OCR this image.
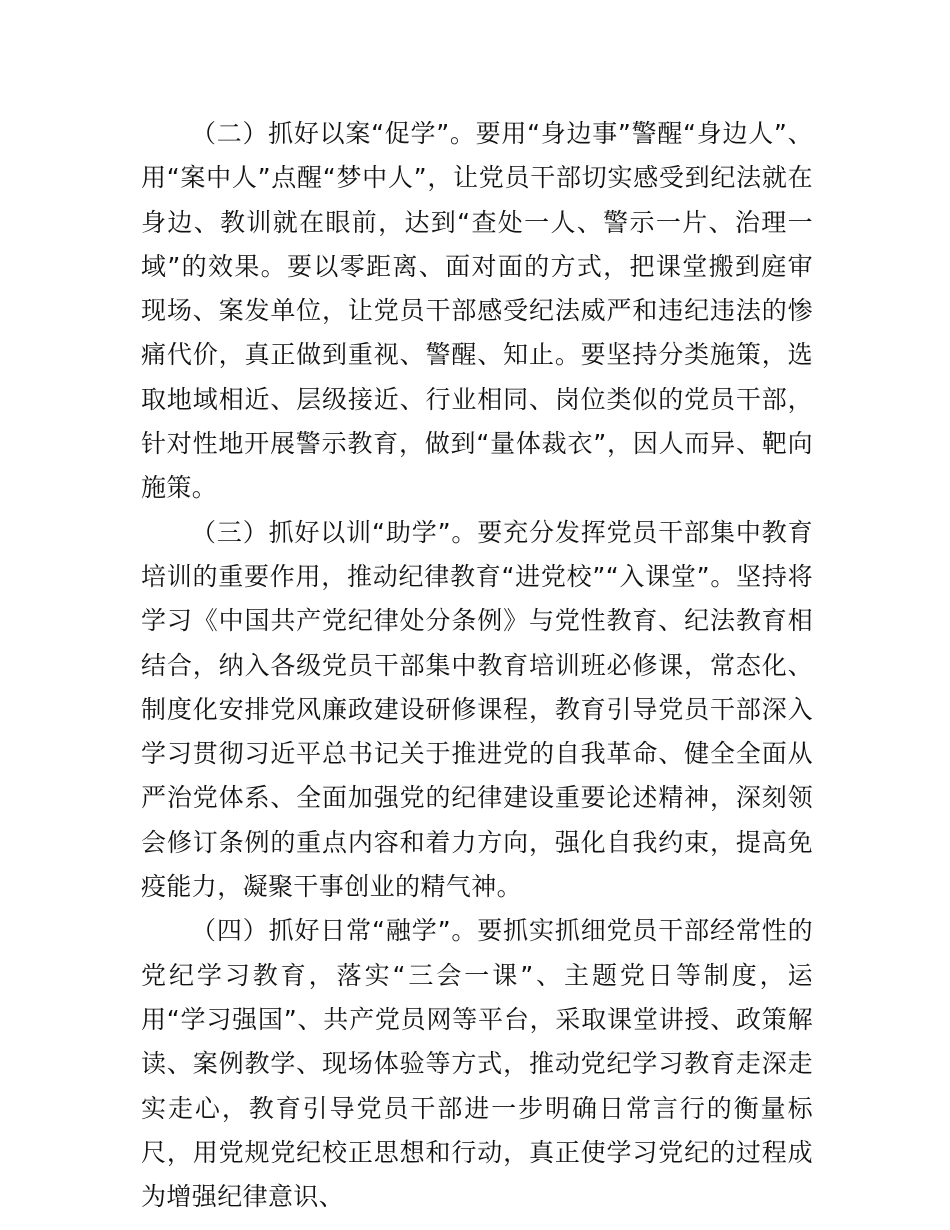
（二）抓好以案“促学”。要用“身边事”警醒“身边人”、用“案中人”点醒“梦中人”，让党员干部切实感受到纪法就在身边、教训就在眼前，达到“查处一人、警示一片、治理一域”的效果。要以零距离、面对面的方式，把课堂搬到庭审现场、案发单位，让党员干部感受纪法威严和违纪违法的惨痛代价，真正做到重视、警醒、知止。要坚持分类施策，选取地域相近、层级接近、行业相同、岗位类似的党员干部，针对性地开展警示教育，做到“量体裁衣”，因人而异、靶向施策。

（三）抓好以训“助学”。要充分发挥党员干部集中教育培训的重要作用，推动纪律教育“进党校”“入课堂”。坚持将学习《中国共产党纪律处分条例》与党性教育、纪法教育相结合，纳入各级党员干部集中教育培训班必修课，常态化、制度化安排党风廉政建设研修课程，教育引导党员干部深入学习贯彻习近平总书记关于推进党的自我革命、健全全面从严治党体系、全面加强党的纪律建设重要论述精神，深刻领会修订条例的重点内容和着力方向，强化自我约束，提高免疫能力，凝聚干事创业的精气神。

（四）抓好日常“融学”。要抓实抓细党员干部经常性的党纪学习教育，落实“三会一课”、主题党日等制度，运用“学习强国”、共产党员网等平台，采取课堂讲授、政策解读、案例教学、现场体验等方式，推动党纪学习教育走深走实走心，教育引导党员干部进一步明确日常言行的衡量标尺，用党规党纪校正思想和行动，真正使学习党纪的过程成为增强纪律意识、
